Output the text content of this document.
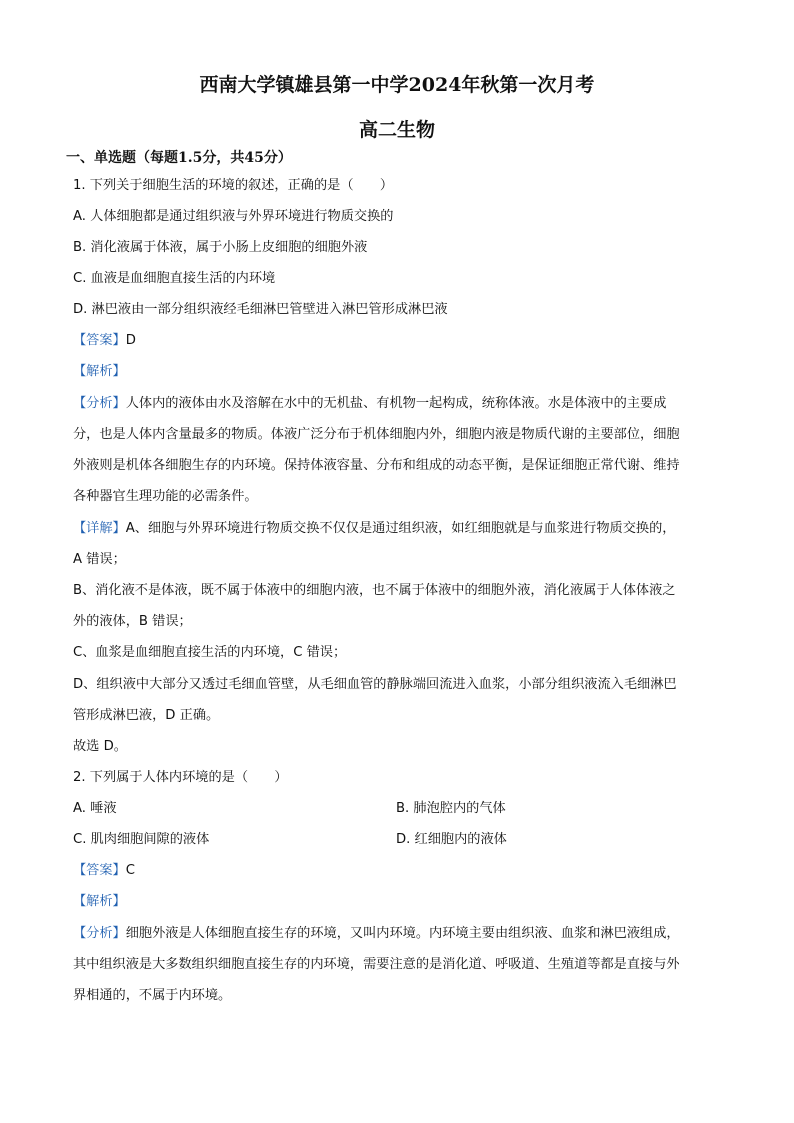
西南大学镇雄县第一中学2024年秋第一次月考
高二生物
一、单选题（每题1.5分，共45分）
1. 下列关于细胞生活的环境的叙述，正确的是（　　）
A. 人体细胞都是通过组织液与外界环境进行物质交换的
B. 消化液属于体液，属于小肠上皮细胞的细胞外液
C. 血液是血细胞直接生活的内环境
D. 淋巴液由一部分组织液经毛细淋巴管壁进入淋巴管形成淋巴液
【答案】D
【解析】
【分析】人体内的液体由水及溶解在水中的无机盐、有机物一起构成，统称体液。水是体液中的主要成
分，也是人体内含量最多的物质。体液广泛分布于机体细胞内外，细胞内液是物质代谢的主要部位，细胞
外液则是机体各细胞生存的内环境。保持体液容量、分布和组成的动态平衡，是保证细胞正常代谢、维持
各种器官生理功能的必需条件。
【详解】A、细胞与外界环境进行物质交换不仅仅是通过组织液，如红细胞就是与血浆进行物质交换的，
A 错误；
B、消化液不是体液，既不属于体液中的细胞内液，也不属于体液中的细胞外液，消化液属于人体体液之
外的液体，B 错误；
C、血浆是血细胞直接生活的内环境，C 错误；
D、组织液中大部分又透过毛细血管壁，从毛细血管的静脉端回流进入血浆，小部分组织液流入毛细淋巴
管形成淋巴液，D 正确。
故选 D。
2. 下列属于人体内环境的是（　　）
A. 唾液	B. 肺泡腔内的气体
C. 肌肉细胞间隙的液体	D. 红细胞内的液体
【答案】C
【解析】
【分析】细胞外液是人体细胞直接生存的环境，又叫内环境。内环境主要由组织液、血浆和淋巴液组成，
其中组织液是大多数组织细胞直接生存的内环境，需要注意的是消化道、呼吸道、生殖道等都是直接与外
界相通的，不属于内环境。
